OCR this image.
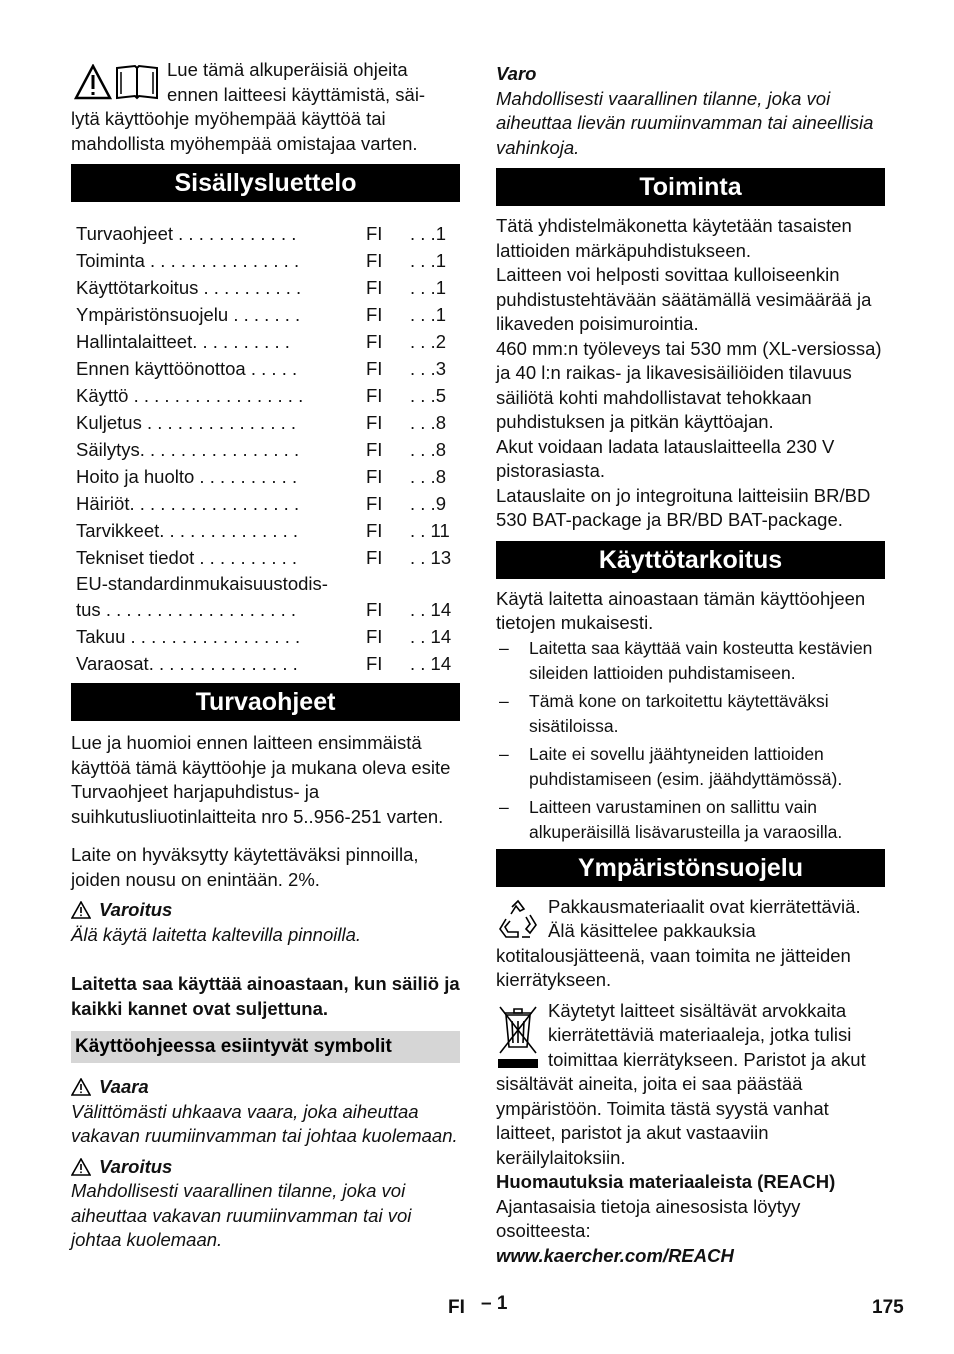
Lue tämä alkuperäisiä ohjeita

ennen laitteesi käyttämistä, säi-

lytä käyttöohje myöhempää käyttöä tai

mahdollista myöhempää omistajaa varten.

Sisällysluettelo
Turvaohjeet . . . . . . . . . . . .	FI	. . .1
Toiminta . . . . . . . . . . . . . . .	FI	. . .1
Käyttötarkoitus . . . . . . . . . .	FI	. . .1
Ympäristönsuojelu . . . . . . .	FI	. . .1
Hallintalaitteet. . . . . . . . . .	FI	. . .2
Ennen käyttöönottoa . . . . .	FI	. . .3
Käyttö . . . . . . . . . . . . . . . . .	FI	. . .5
Kuljetus . . . . . . . . . . . . . . .	FI	. . .8
Säilytys. . . . . . . . . . . . . . . .	FI	. . .8
Hoito ja huolto . . . . . . . . . .	FI	. . .8
Häiriöt. . . . . . . . . . . . . . . . .	FI	. . .9
Tarvikkeet. . . . . . . . . . . . . .	FI	. . 11
Tekniset tiedot . . . . . . . . . .	FI	. . 13

EU-standardinmukaisuustodis-
tus . . . . . . . . . . . . . . . . . . .	FI	. . 14
Takuu . . . . . . . . . . . . . . . . .	FI	. . 14
Varaosat. . . . . . . . . . . . . . .	FI	. . 14
Turvaohjeet

Lue ja huomioi ennen laitteen ensimmäistä käyttöä tämä käyttöohje ja mukana oleva esite Turvaohjeet harjapuhdistus- ja suihkutusliuotinlaitteita nro 5..956-251 varten.

Laite on hyväksytty käytettäväksi pinnoilla, joiden nousu on enintään. 2%.

Varoitus

Älä käytä laitetta kaltevilla pinnoilla.

Laitetta saa käyttää ainoastaan, kun säiliö ja kaikki kannet ovat suljettuna.

Käyttöohjeessa esiintyvät symbolit
Vaara

Välittömästi uhkaava vaara, joka aiheuttaa vakavan ruumiinvamman tai johtaa kuolemaan.

Varoitus

Mahdollisesti vaarallinen tilanne, joka voi aiheuttaa vakavan ruumiinvamman tai voi johtaa kuolemaan.

Varo

Mahdollisesti vaarallinen tilanne, joka voi aiheuttaa lievän ruumiinvamman tai aineellisia vahinkoja.

Toiminta

Tätä yhdistelmäkonetta käytetään tasaisten lattioiden märkäpuhdistukseen.

Laitteen voi helposti sovittaa kulloiseenkin puhdistustehtävään säätämällä vesimäärää ja likaveden poisimurointia.

460 mm:n työleveys tai 530 mm (XL-versiossa) ja 40 l:n raikas- ja likavesisäiliöiden tilavuus säiliötä kohti mahdollistavat tehokkaan puhdistuksen ja pitkän käyttöajan.

Akut voidaan ladata latauslaitteella 230 V pistorasiasta.

Latauslaite on jo integroituna laitteisiin BR/BD 530 BAT-package ja BR/BD BAT-package.

Käyttötarkoitus

Käytä laitetta ainoastaan tämän käyttöohjeen tietojen mukaisesti.

– Laitetta saa käyttää vain kosteutta kestävien sileiden lattioiden puhdistamiseen.
– Tämä kone on tarkoitettu käytettäväksi sisätiloissa.
– Laite ei sovellu jäähtyneiden lattioiden puhdistamiseen (esim. jäähdyttämössä).
– Laitteen varustaminen on sallittu vain alkuperäisillä lisävarusteilla ja varaosilla.
Ympäristönsuojelu

Pakkausmateriaalit ovat kierrätettäviä. Älä käsittelee pakkauksia kotitalousjätteenä, vaan toimita ne jätteiden kierrätykseen.

Käytetyt laitteet sisältävät arvokkaita kierrätettäviä materiaaleja, jotka tulisi toimittaa kierrätykseen. Paristot ja akut sisältävät aineita, joita ei saa päästää ympäristöön. Toimita tästä syystä vanhat laitteet, paristot ja akut vastaaviin keräilylaitoksiin.

Huomautuksia materiaaleista (REACH)

Ajantasaisia tietoja ainesosista löytyy osoitteesta:

www.kaercher.com/REACH

FI – 1	175
